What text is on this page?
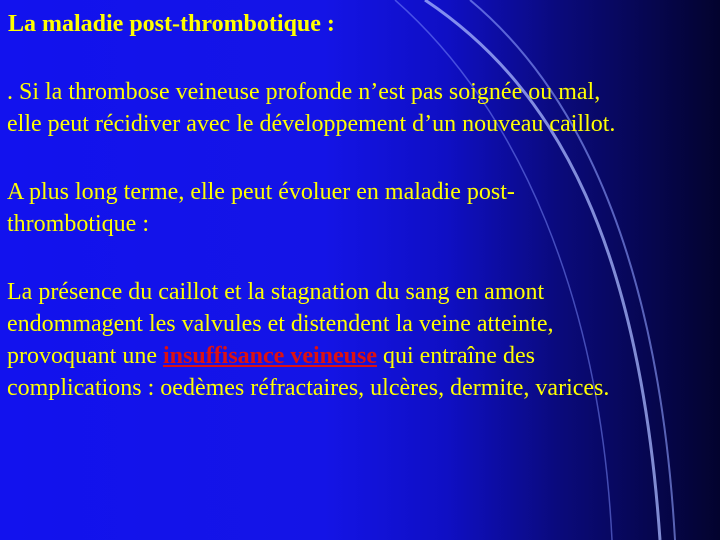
La maladie post-thrombotique :
. Si la thrombose veineuse profonde n’est pas soignée ou mal,
elle peut récidiver avec le développement d’un nouveau caillot.
A plus long terme, elle peut évoluer en maladie post-
thrombotique :
La présence du caillot et la stagnation du sang en amont
endommagent les valvules et distendent la veine atteinte,
provoquant une insuffisance veineuse qui entraîne des
complications : oedèmes réfractaires, ulcères, dermite, varices.
